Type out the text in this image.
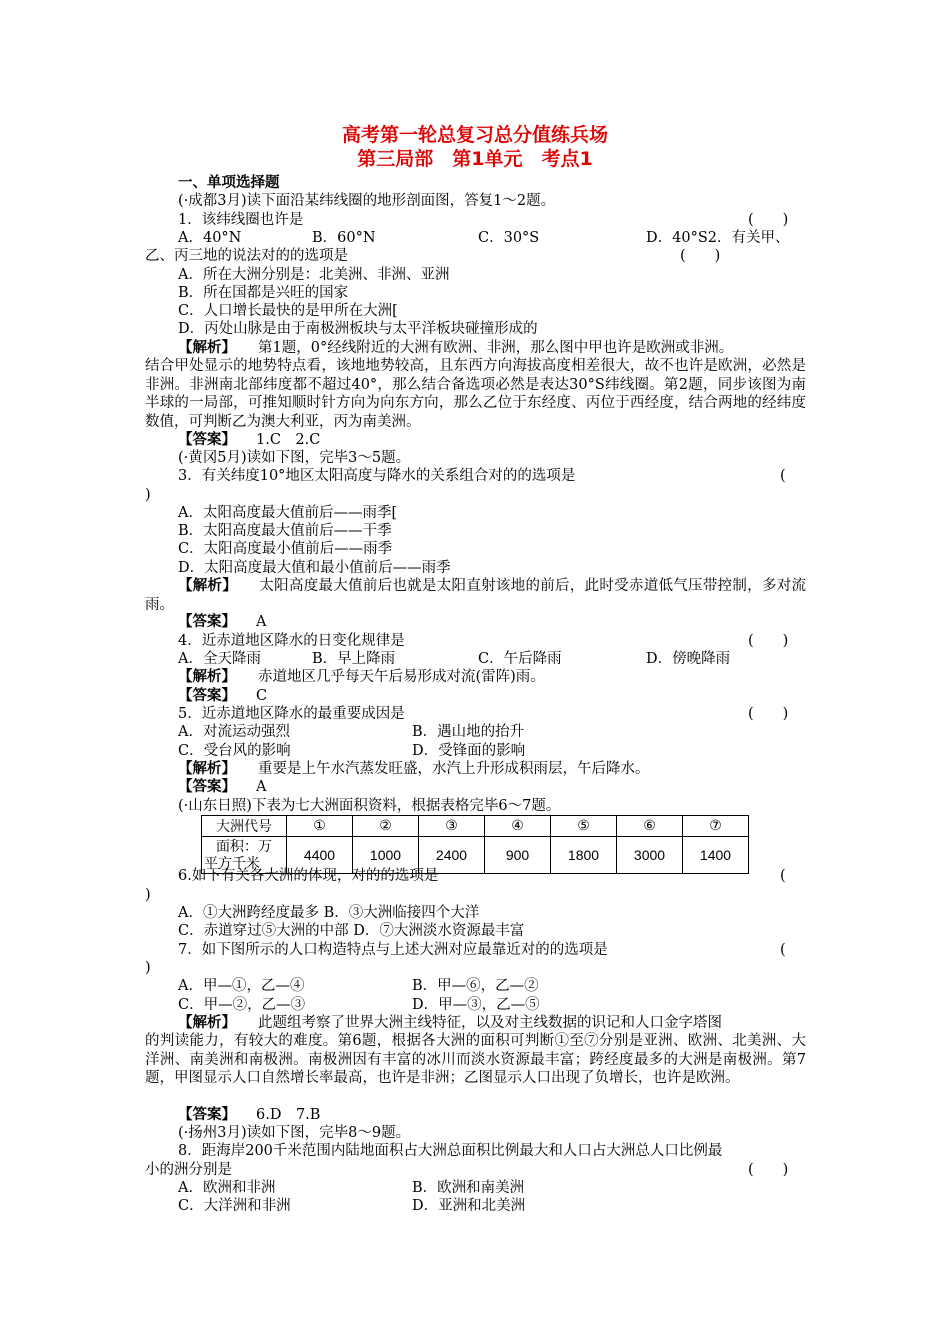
高考第一轮总复习总分值练兵场
第三局部　第1单元　考点1
一、单项选择题
(·成都3月)读下面沿某纬线圈的地形剖面图，答复1～2题。
1．该纬线圈也许是	(　　)
A．40°N	B．60°N	C．30°S	D．40°S2．有关甲、
乙、丙三地的说法对的的选项是	(　　)
A．所在大洲分别是：北美洲、非洲、亚洲
B．所在国都是兴旺的国家
C．人口增长最快的是甲所在大洲[
D．丙处山脉是由于南极洲板块与太平洋板块碰撞形成的
【解析】 第1题，0°经线附近的大洲有欧洲、非洲，那么图中甲也许是欧洲或非洲。
结合甲处显示的地势特点看，该地地势较高，且东西方向海拔高度相差很大，故不也许是欧洲，必然是非洲。非洲南北部纬度都不超过40°，那么结合备选项必然是表达30°S纬线圈。第2题，同步该图为南半球的一局部，可推知顺时针方向为向东方向，那么乙位于东经度、丙位于西经度，结合两地的经纬度数值，可判断乙为澳大利亚，丙为南美洲。
【答案】 1.C　2.C
(·黄冈5月)读如下图，完毕3～5题。
3．有关纬度10°地区太阳高度与降水的关系组合对的的选项是	(
)
A．太阳高度最大值前后——雨季[
B．太阳高度最大值前后——干季
C．太阳高度最小值前后——雨季
D．太阳高度最大值和最小值前后——雨季
【解析】 太阳高度最大值前后也就是太阳直射该地的前后，此时受赤道低气压带控制，多对流雨。
【答案】 A
4．近赤道地区降水的日变化规律是	(　　)
A．全天降雨	B．早上降雨	C．午后降雨	D．傍晚降雨
【解析】 赤道地区几乎每天午后易形成对流(雷阵)雨。
【答案】 C
5．近赤道地区降水的最重要成因是	(　　)
A．对流运动强烈	B．遇山地的抬升
C．受台风的影响	D．受锋面的影响
【解析】 重要是上午水汽蒸发旺盛，水汽上升形成积雨层，午后降水。
【答案】 A
(·山东日照)下表为七大洲面积资料，根据表格完毕6～7题。
大洲代号	①	②	③	④	⑤	⑥	⑦

面积：万
平方千米	4400	1000	2400	900	1800	3000	1400
6.如下有关各大洲的体现，对的的选项是	(
)
A．①大洲跨经度最多 B．③大洲临接四个大洋
C．赤道穿过⑤大洲的中部 D．⑦大洲淡水资源最丰富
7．如下图所示的人口构造特点与上述大洲对应最靠近对的的选项是	(
)
A．甲—①，乙—④	B．甲—⑥，乙—②
C．甲—②，乙—③	D．甲—③，乙—⑤
【解析】 此题组考察了世界大洲主线特征，以及对主线数据的识记和人口金字塔图
的判读能力，有较大的难度。第6题，根据各大洲的面积可判断①至⑦分别是亚洲、欧洲、北美洲、大洋洲、南美洲和南极洲。南极洲因有丰富的冰川而淡水资源最丰富；跨经度最多的大洲是南极洲。第7题，甲图显示人口自然增长率最高，也许是非洲；乙图显示人口出现了负增长，也许是欧洲。
【答案】 6.D　7.B
(·扬州3月)读如下图，完毕8～9题。
8．距海岸200千米范围内陆地面积占大洲总面积比例最大和人口占大洲总人口比例最
小的洲分别是	(　　)
A．欧洲和非洲	B．欧洲和南美洲
C．大洋洲和非洲	D．亚洲和北美洲
